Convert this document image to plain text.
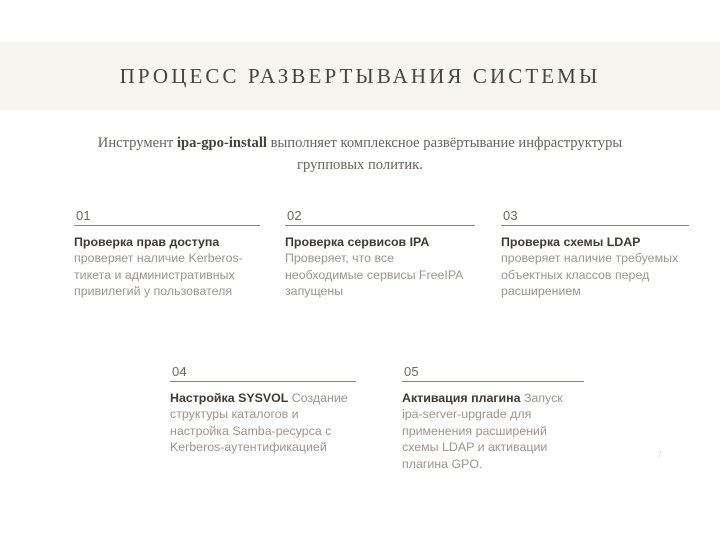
ПРОЦЕСС РАЗВЕРТЫВАНИЯ СИСТЕМЫ
Инструмент ipa-gpo-install выполняет комплексное развёртывание инфраструктуры групповых политик.
01
Проверка прав доступа проверяет наличие Kerberos-тикета и административных привилегий у пользователя
02
Проверка сервисов IPA Проверяет, что все необходимые сервисы FreeIPA запущены
03
Проверка схемы LDAP проверяет наличие требуемых объектных классов перед расширением
04
Настройка SYSVOL Создание структуры каталогов и настройка Samba-ресурса с Kerberos-аутентификацией
05
Активация плагина Запуск ipa-server-upgrade для применения расширений схемы LDAP и активации плагина GPO.
7
